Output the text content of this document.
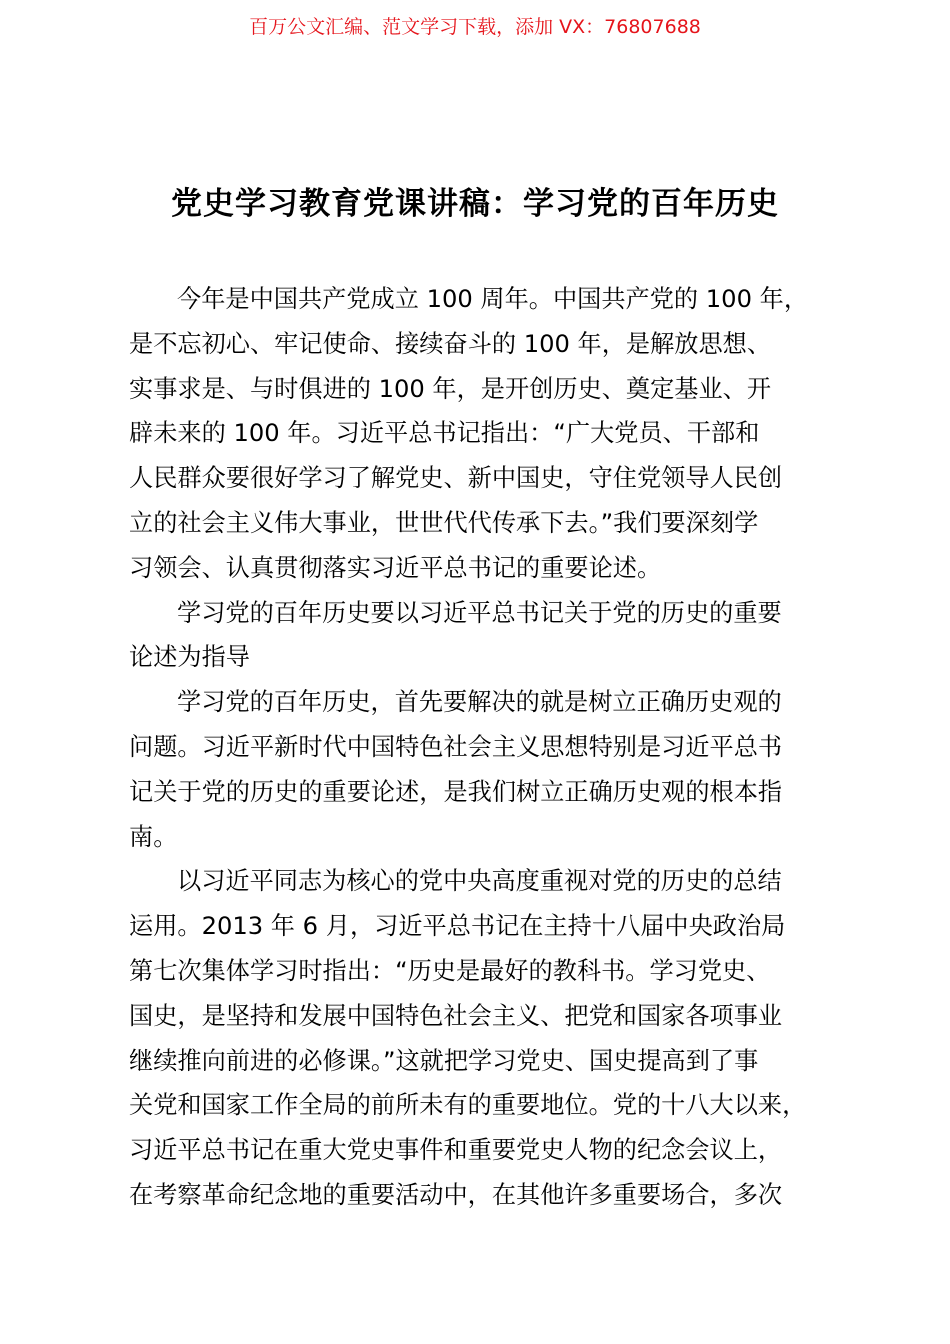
百万公文汇编、范文学习下载，添加 VX：76807688
党史学习教育党课讲稿：学习党的百年历史
今年是中国共产党成立 100 周年。中国共产党的 100 年，
是不忘初心、牢记使命、接续奋斗的 100 年，是解放思想、
实事求是、与时俱进的 100 年，是开创历史、奠定基业、开
辟未来的 100 年。习近平总书记指出：“广大党员、干部和
人民群众要很好学习了解党史、新中国史，守住党领导人民创
立的社会主义伟大事业，世世代代传承下去。”我们要深刻学
习领会、认真贯彻落实习近平总书记的重要论述。
学习党的百年历史要以习近平总书记关于党的历史的重要
论述为指导
学习党的百年历史，首先要解决的就是树立正确历史观的
问题。习近平新时代中国特色社会主义思想特别是习近平总书
记关于党的历史的重要论述，是我们树立正确历史观的根本指
南。
以习近平同志为核心的党中央高度重视对党的历史的总结
运用。2013 年 6 月，习近平总书记在主持十八届中央政治局
第七次集体学习时指出：“历史是最好的教科书。学习党史、
国史，是坚持和发展中国特色社会主义、把党和国家各项事业
继续推向前进的必修课。”这就把学习党史、国史提高到了事
关党和国家工作全局的前所未有的重要地位。党的十八大以来，
习近平总书记在重大党史事件和重要党史人物的纪念会议上，
在考察革命纪念地的重要活动中，在其他许多重要场合，多次
